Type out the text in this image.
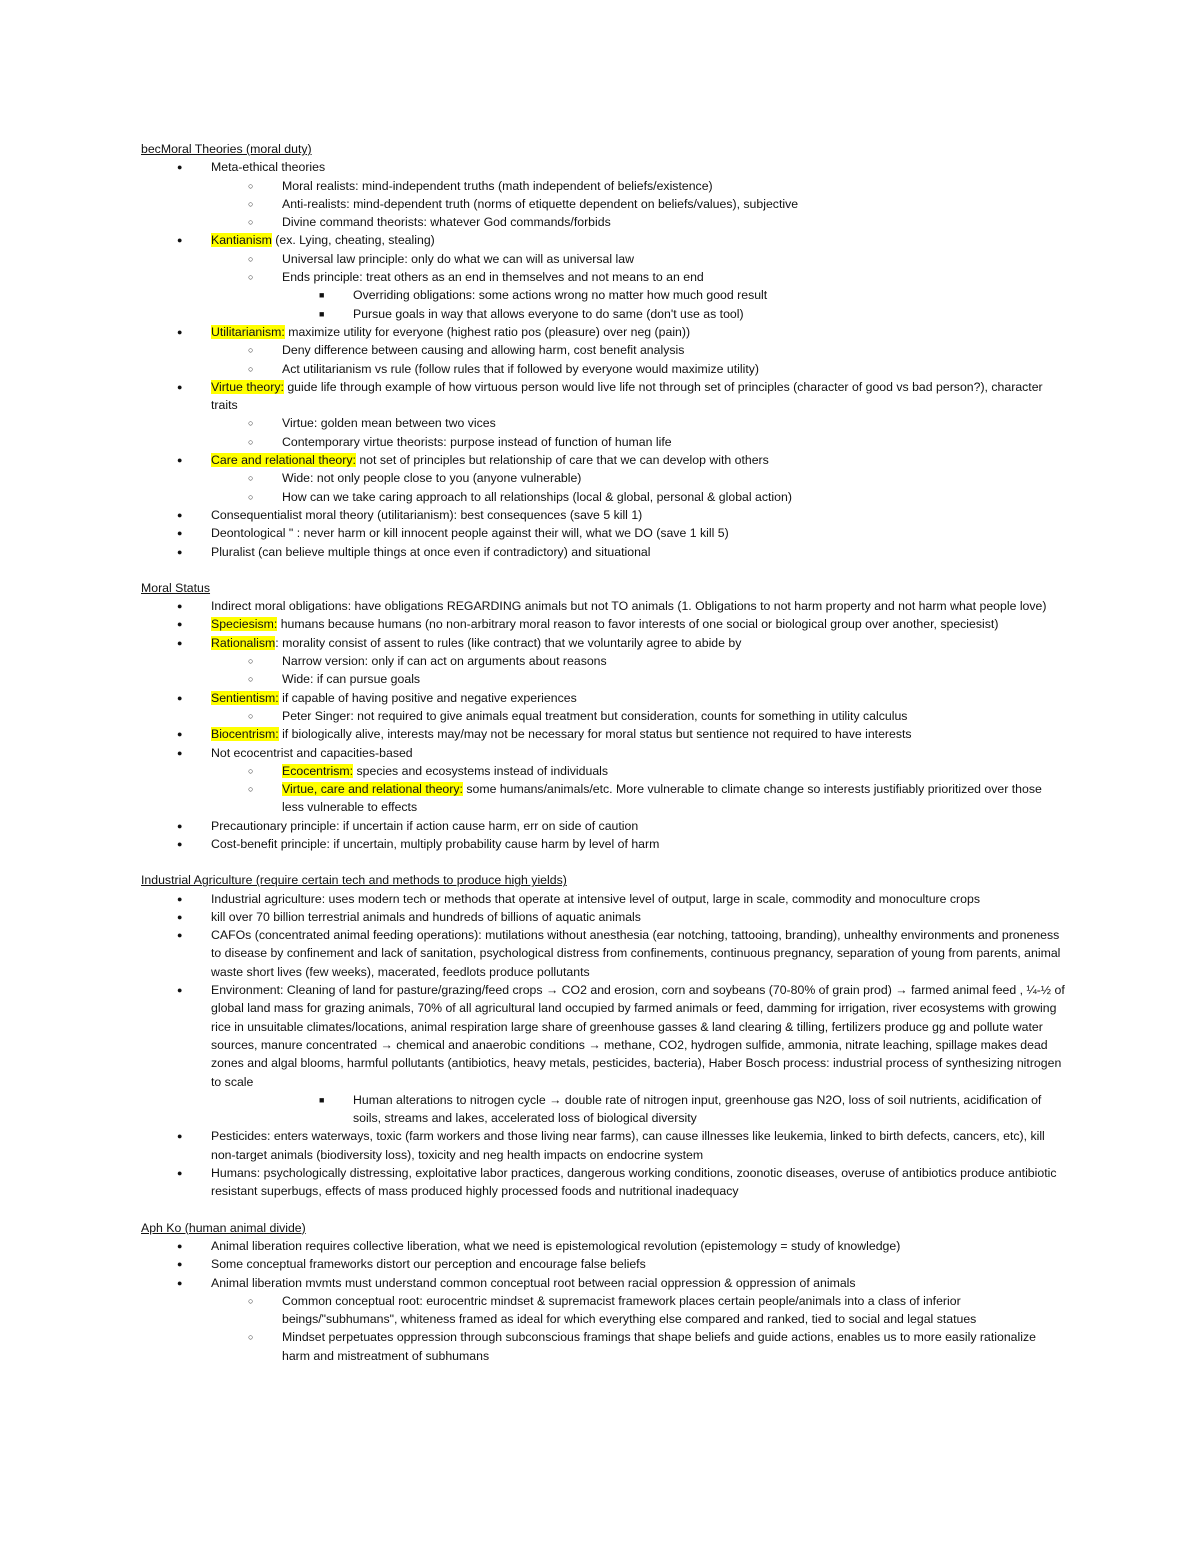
becMoral Theories (moral duty)
● Meta-ethical theories
○ Moral realists: mind-independent truths (math independent of beliefs/existence)
○ Anti-realists: mind-dependent truth (norms of etiquette dependent on beliefs/values), subjective
○ Divine command theorists: whatever God commands/forbids
● Kantianism (ex. Lying, cheating, stealing)
○ Universal law principle: only do what we can will as universal law
○ Ends principle: treat others as an end in themselves and not means to an end
■ Overriding obligations: some actions wrong no matter how much good result
■ Pursue goals in way that allows everyone to do same (don't use as tool)
● Utilitarianism: maximize utility for everyone (highest ratio pos (pleasure) over neg (pain))
○ Deny difference between causing and allowing harm, cost benefit analysis
○ Act utilitarianism vs rule (follow rules that if followed by everyone would maximize utility)
● Virtue theory: guide life through example of how virtuous person would live life not through set of principles (character of good vs bad person?), character traits
○ Virtue: golden mean between two vices
○ Contemporary virtue theorists: purpose instead of function of human life
● Care and relational theory: not set of principles but relationship of care that we can develop with others
○ Wide: not only people close to you (anyone vulnerable)
○ How can we take caring approach to all relationships (local & global, personal & global action)
● Consequentialist moral theory (utilitarianism): best consequences (save 5 kill 1)
● Deontological " : never harm or kill innocent people against their will, what we DO (save 1 kill 5)
● Pluralist (can believe multiple things at once even if contradictory) and situational
Moral Status
● Indirect moral obligations: have obligations REGARDING animals but not TO animals (1. Obligations to not harm property and not harm what people love)
● Speciesism: humans because humans (no non-arbitrary moral reason to favor interests of one social or biological group over another, speciesist)
● Rationalism: morality consist of assent to rules (like contract) that we voluntarily agree to abide by
○ Narrow version: only if can act on arguments about reasons
○ Wide: if can pursue goals
● Sentientism: if capable of having positive and negative experiences
○ Peter Singer: not required to give animals equal treatment but consideration, counts for something in utility calculus
● Biocentrism: if biologically alive, interests may/may not be necessary for moral status but sentience not required to have interests
● Not ecocentrist and capacities-based
○ Ecocentrism: species and ecosystems instead of individuals
○ Virtue, care and relational theory: some humans/animals/etc. More vulnerable to climate change so interests justifiably prioritized over those less vulnerable to effects
● Precautionary principle: if uncertain if action cause harm, err on side of caution
● Cost-benefit principle: if uncertain, multiply probability cause harm by level of harm
Industrial Agriculture (require certain tech and methods to produce high yields)
● Industrial agriculture: uses modern tech or methods that operate at intensive level of output, large in scale, commodity and monoculture crops
● kill over 70 billion terrestrial animals and hundreds of billions of aquatic animals
● CAFOs (concentrated animal feeding operations): mutilations without anesthesia (ear notching, tattooing, branding), unhealthy environments and proneness to disease by confinement and lack of sanitation, psychological distress from confinements, continuous pregnancy, separation of young from parents, animal waste short lives (few weeks), macerated, feedlots produce pollutants
● Environment: Cleaning of land for pasture/grazing/feed crops → CO2 and erosion, corn and soybeans (70-80% of grain prod) → farmed animal feed , ¼-½ of global land mass for grazing animals, 70% of all agricultural land occupied by farmed animals or feed, damming for irrigation, river ecosystems with growing rice in unsuitable climates/locations, animal respiration large share of greenhouse gasses & land clearing & tilling, fertilizers produce gg and pollute water sources, manure concentrated → chemical and anaerobic conditions → methane, CO2, hydrogen sulfide, ammonia, nitrate leaching, spillage makes dead zones and algal blooms, harmful pollutants (antibiotics, heavy metals, pesticides, bacteria), Haber Bosch process: industrial process of synthesizing nitrogen to scale
■ Human alterations to nitrogen cycle → double rate of nitrogen input, greenhouse gas N2O, loss of soil nutrients, acidification of soils, streams and lakes, accelerated loss of biological diversity
● Pesticides: enters waterways, toxic (farm workers and those living near farms), can cause illnesses like leukemia, linked to birth defects, cancers, etc), kill non-target animals (biodiversity loss), toxicity and neg health impacts on endocrine system
● Humans: psychologically distressing, exploitative labor practices, dangerous working conditions, zoonotic diseases, overuse of antibiotics produce antibiotic resistant superbugs, effects of mass produced highly processed foods and nutritional inadequacy
Aph Ko (human animal divide)
● Animal liberation requires collective liberation, what we need is epistemological revolution (epistemology = study of knowledge)
● Some conceptual frameworks distort our perception and encourage false beliefs
● Animal liberation mvmts must understand common conceptual root between racial oppression & oppression of animals
○ Common conceptual root: eurocentric mindset & supremacist framework places certain people/animals into a class of inferior beings/"subhumans", whiteness framed as ideal for which everything else compared and ranked, tied to social and legal statues
○ Mindset perpetuates oppression through subconscious framings that shape beliefs and guide actions, enables us to more easily rationalize harm and mistreatment of subhumans
